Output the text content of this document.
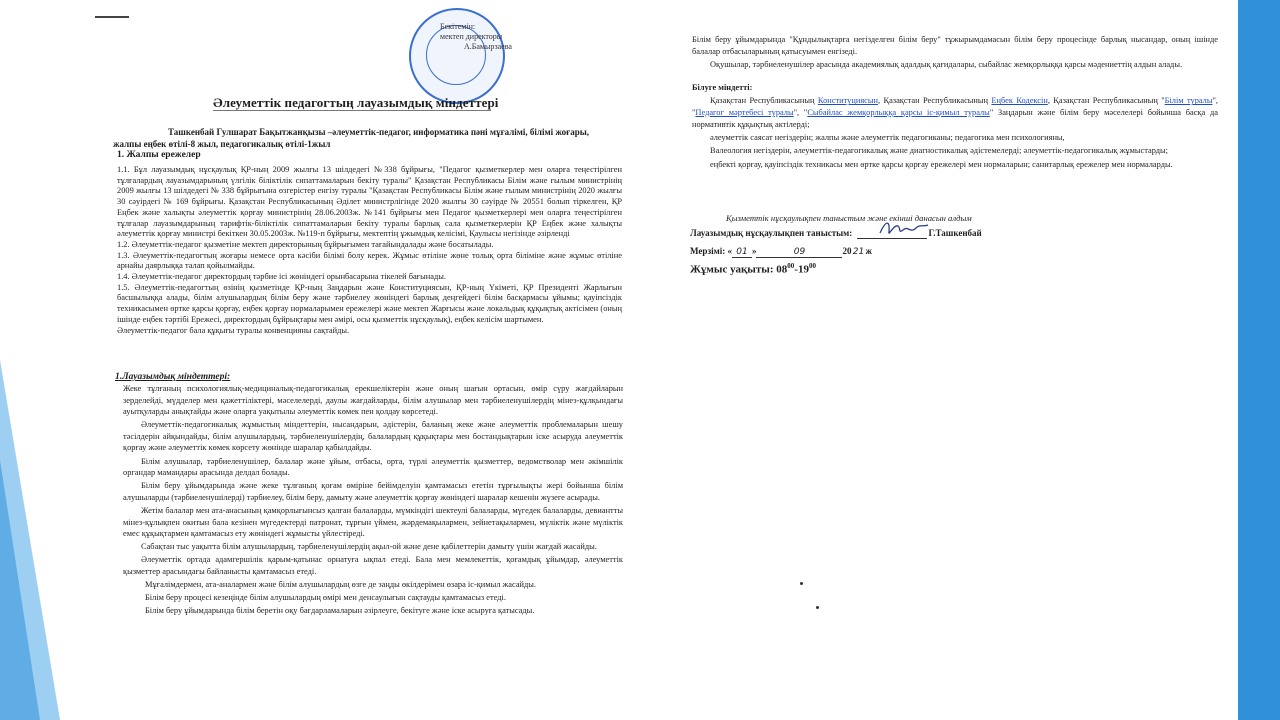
Бекітемін:
мектеп директоры
А.Бамырзаева
Әлеуметтік педагогтың лауазымдық міндеттері
Ташкенбай Гулшарат Бақытжанқызы –әлеуметтік-педагог, информатика пәні мұғалімі, білімі жоғары, жалпы еңбек өтілі-8 жыл, педагогикалық өтілі-1жыл
1. Жалпы ережелер

1.1. Бұл лауазымдық нұсқаулық ҚР-ның 2009 жылғы 13 шілдедегі №338 бұйрығы, "Педагог қызметкерлер мен оларға теңестірілген тұлғалардың лауазымдарының үлгілік біліктілік сипаттамаларын бекіту туралы" Қазақстан Республикасы Білім және ғылым министрінің 2009 жылғы 13 шілдедегі № 338 бұйрығына өзгерістер енгізу туралы "Қазақстан Республикасы Білім және ғылым министрінің 2020 жылғы 30 сәуірдегі № 169 бұйрығы. Қазақстан Республикасының Әділет министрлігінде 2020 жылғы 30 сәуірде № 20551 болып тіркелген, ҚР Еңбек және халықты әлеуметтік қорғау министрінің 28.06.2003ж. №141 бұйрығы мен Педагог қызметкерлері мен оларға теңестірілген тұлғалар лауазымдарының тарифтік-біліктілік сипаттамаларын бекіту туралы барлық сала қызметкерлерін ҚР Еңбек және халықты әлеуметтік қорғау министрі бекіткен 30.05.2003ж. №119-п бұйрығы, мектептің ұжымдық келісімі, Қаулысы негізінде әзірленді

1.2. Әлеуметтік-педагог қызметіне мектеп директорының бұйрығымен тағайындалады және босатылады.

1.3. Әлеуметтік-педагогтың жоғары немесе орта кәсіби білімі болу керек. Жұмыс өтіліне жөне толық орта біліміне және жұмыс өтіліне арнайы даярлыққа талап қойылмайды.

1.4. Әлеуметтік-педагог директордың тәрбие ісі жөніндегі орынбасарына тікелей бағынады.

1.5. Әлеуметтік-педагогтың өзінің қызметінде ҚР-ның Заңдарын және Конституциясын, ҚР-ның Үкіметі, ҚР Президенті Жарлығын басшылыққа алады, білім алушылардың білім беру және тәрбиелеу жөніндегі барлық деңгейдегі білім басқармасы ұйымы; қауіпсіздік техникасымен өртке қарсы қорғау, еңбек қорғау нормаларымен ережелері және мектеп Жарғысы және локальдық құқықтық актісімен (оның ішінде еңбек тәртібі Ережесі, директордың бұйрықтары мен әмірі, осы қызметтік нұсқаулық), еңбек келісім шартымен.

Әлеуметтік-педагог бала құқығы туралы конвенцияны сақтайды.

1.Лауазымдық міндеттері:

Жеке тұлғаның психологиялық-медициналық-педагогикалық ерекшеліктерін және оның шағын ортасын, өмір сүру жағдайларын зерделейді, мүдделер мен қажеттіліктері, мәселелерді, даулы жағдайларды, білім алушылар мен тәрбиеленушілердің мінез-құлқындағы ауытқуларды анықтайды және оларға уақытылы әлеуметтік көмек пен қолдау көрсетеді.

Әлеуметтік-педагогикалық жұмыстың міндеттерін, нысандарын, әдістерін, баланың жеке және әлеуметтік проблемаларын шешу тәсілдерін айқындайды, білім алушылардың, тәрбиеленушілердің, балалардың құқықтары мен бостандықтарын іске асыруда әлеуметтік қорғау және әлеуметтік көмек көрсету жөнінде шаралар қабылдайды.

Білім алушылар, тәрбиеленушілер, балалар және ұйым, отбасы, орта, түрлі әлеуметтік қызметтер, ведомстволар мен әкімшілік органдар мамандары арасында делдал болады.

Білім беру ұйымдарында және жеке тұлғаның қоғам өміріне бейімделуін қамтамасыз ететін тұрғылықты жері бойынша білім алушыларды (тәрбиеленушілерді) тәрбиелеу, білім беру, дамыту және әлеуметтік қорғау жөніндегі шаралар кешенін жүзеге асырады.

Жетім балалар мен ата-анасының қамқорлығынсыз қалған балаларды, мүмкіндігі шектеулі балаларды, мүгедек балаларды, девиантты мінез-құлықпен окитын бала кезінен мүгедектерді патронат, тұрғын үймен, жәрдемақылармен, зейнетақылармен, мүліктік және мүліктік емес құқықтармен қамтамасыз ету жөніндегі жұмысты үйлестіреді.

Сабақтан тыс уақытта білім алушылардың, тәрбиеленушілердің ақыл-ой және дене қабілеттерін дамыту үшін жағдай жасайды.

Әлеуметтік ортада адамгершілік қарым-қатынас орнатуға ықпал етеді. Бала мен мемлекеттік, қоғамдық ұйымдар, әлеуметтік қызметтер арасындағы байланысты қамтамасыз етеді.

Мұғалімдермен, ата-аналармен және білім алушылардың өзге де заңды өкілдерімен өзара іс-қимыл жасайды.

Білім беру процесі кезеңінде білім алушылардың өмірі мен денсаулығын сақтауды қамтамасыз етеді.

Білім беру ұйымдарында білім беретін оқу бағдарламаларын әзірлеуге, бекітуге және іске асыруға қатысады.

Білім беру ұйымдарында "Құндылықтарға негізделген білім беру" тұжырымдамасын білім беру процесінде барлық нысандар, оның ішінде балалар отбасыларының қатысуымен енгізеді.

Оқушылар, тәрбиеленушілер арасында академиялық адалдық қағидалары, сыбайлас жемқорлыққа қарсы мәдениеттің алдын алады.

Білуге міндетті:

Қазақстан Республикасының Конституциясын, Қазақстан Республикасының Еңбек Кодексін, Қазақстан Республикасының "Білім туралы", "Педагог мәртебесі туралы", "Сыбайлас жемқорлыққа қарсы іс-қимыл туралы" Заңдарын және білім беру мәселелері бойынша басқа да нормативтік құқықтық актілерді;

әлеуметтік саясат негіздерін; жалпы және әлеуметтік педагогиканы; педагогика мен психологияны,

Валеология негіздерін, әлеуметтік-педагогикалық және диагностикалық әдістемелерді; әлеуметтік-педагогикалық жұмыстарды;

еңбекті қорғау, қауіпсіздік техникасы мен өртке қарсы қорғау ережелері мен нормаларын; санитарлық ережелер мен нормаларды.

Қызметтік нұсқаулықпен таныстым және екінші данасын алдым
Лауазымдық нұсқаулықпен таныстым:	Г.Ташкенбай
Мерзімі: « 01 »	09	2021ж
Жұмыс уақыты: $08^{00}-19^{00}$
